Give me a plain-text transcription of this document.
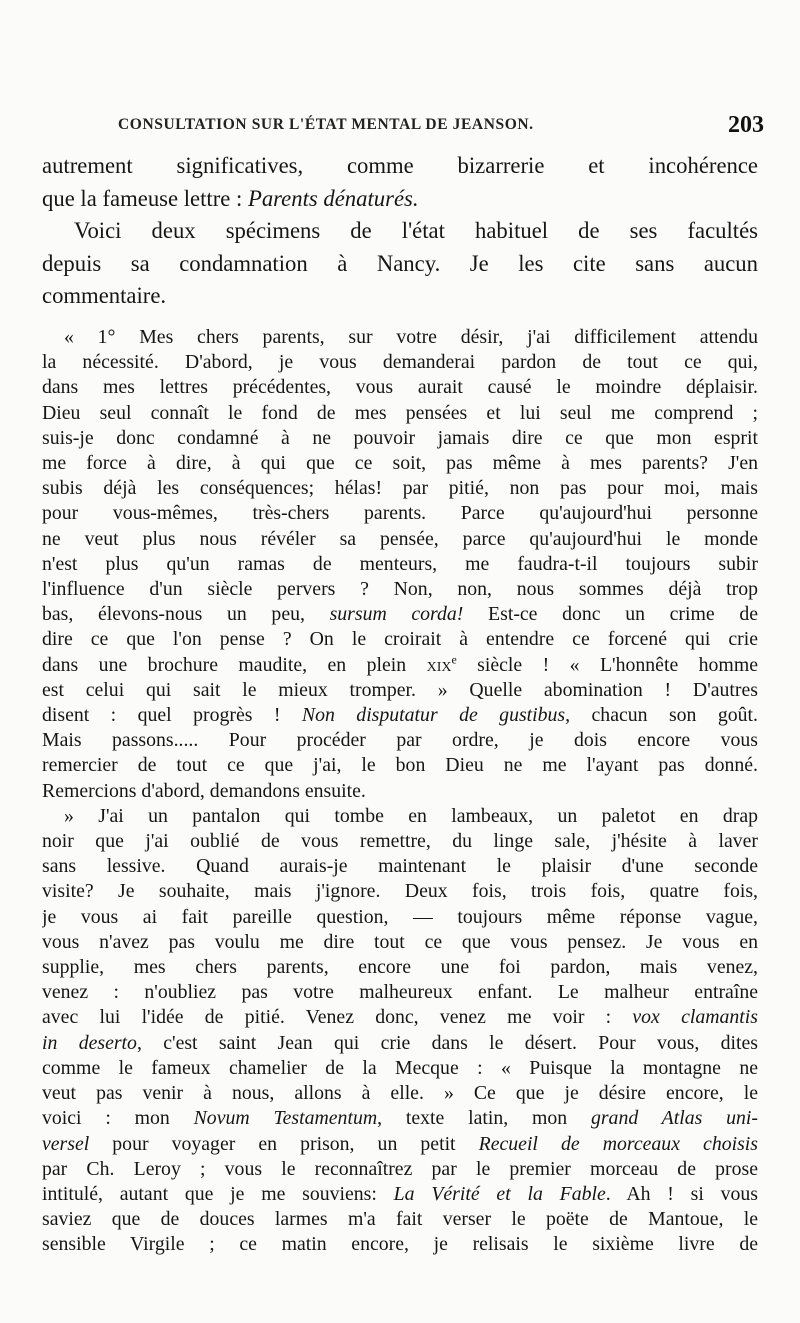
CONSULTATION SUR L'ÉTAT MENTAL DE JEANSON.	203
autrement significatives, comme bizarrerie et incohérence
que la fameuse lettre : Parents dénaturés.
Voici deux spécimens de l'état habituel de ses facultés
depuis sa condamnation à Nancy. Je les cite sans aucun
commentaire.
« 1° Mes chers parents, sur votre désir, j'ai difficilement attendu
la nécessité. D'abord, je vous demanderai pardon de tout ce qui,
dans mes lettres précédentes, vous aurait causé le moindre déplaisir.
Dieu seul connaît le fond de mes pensées et lui seul me comprend ;
suis-je donc condamné à ne pouvoir jamais dire ce que mon esprit
me force à dire, à qui que ce soit, pas même à mes parents? J'en
subis déjà les conséquences; hélas! par pitié, non pas pour moi, mais
pour vous-mêmes, très-chers parents. Parce qu'aujourd'hui personne
ne veut plus nous révéler sa pensée, parce qu'aujourd'hui le monde
n'est plus qu'un ramas de menteurs, me faudra-t-il toujours subir
l'influence d'un siècle pervers ? Non, non, nous sommes déjà trop
bas, élevons-nous un peu, sursum corda! Est-ce donc un crime de
dire ce que l'on pense ? On le croirait à entendre ce forcené qui crie
dans une brochure maudite, en plein xix$^e$ siècle ! « L'honnête homme
est celui qui sait le mieux tromper. » Quelle abomination ! D'autres
disent : quel progrès ! Non disputatur de gustibus, chacun son goût.
Mais passons..... Pour procéder par ordre, je dois encore vous
remercier de tout ce que j'ai, le bon Dieu ne me l'ayant pas donné.
Remercions d'abord, demandons ensuite.
» J'ai un pantalon qui tombe en lambeaux, un paletot en drap
noir que j'ai oublié de vous remettre, du linge sale, j'hésite à laver
sans lessive. Quand aurais-je maintenant le plaisir d'une seconde
visite? Je souhaite, mais j'ignore. Deux fois, trois fois, quatre fois,
je vous ai fait pareille question, — toujours même réponse vague,
vous n'avez pas voulu me dire tout ce que vous pensez. Je vous en
supplie, mes chers parents, encore une foi pardon, mais venez,
venez : n'oubliez pas votre malheureux enfant. Le malheur entraîne
avec lui l'idée de pitié. Venez donc, venez me voir : vox clamantis
in deserto, c'est saint Jean qui crie dans le désert. Pour vous, dites
comme le fameux chamelier de la Mecque : « Puisque la montagne ne
veut pas venir à nous, allons à elle. » Ce que je désire encore, le
voici : mon Novum Testamentum, texte latin, mon grand Atlas uni-
versel pour voyager en prison, un petit Recueil de morceaux choisis
par Ch. Leroy ; vous le reconnaîtrez par le premier morceau de prose
intitulé, autant que je me souviens: La Vérité et la Fable. Ah ! si vous
saviez que de douces larmes m'a fait verser le poëte de Mantoue, le
sensible Virgile ; ce matin encore, je relisais le sixième livre de
